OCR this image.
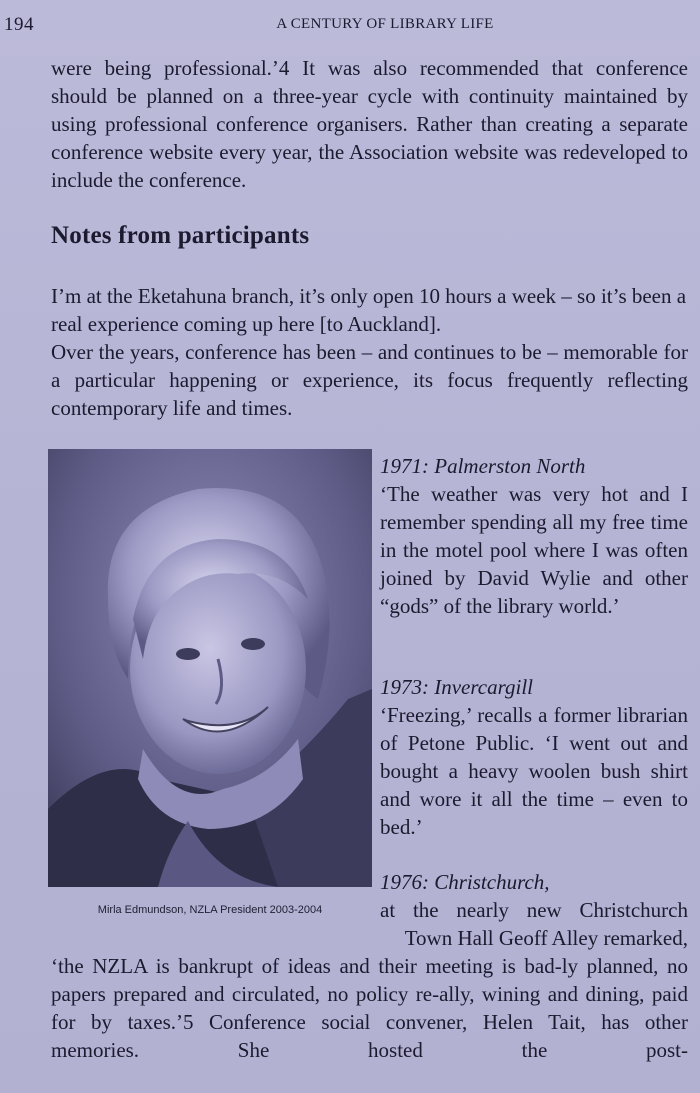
194	A CENTURY OF LIBRARY LIFE
were being professional.’4 It was also recommended that conference should be planned on a three-year cycle with continuity maintained by using professional conference organisers. Rather than creating a separate conference website every year, the Association website was redeveloped to include the conference.
Notes from participants
I’m at the Eketahuna branch, it’s only open 10 hours a week – so it’s been a real experience coming up here [to Auckland].
Over the years, conference has been – and continues to be – memorable for a particular happening or experience, its focus frequently reflecting contemporary life and times.
Mirla Edmundson, NZLA President 2003-2004
1971: Palmerston North
‘The weather was very hot and I remember spending all my free time in the motel pool where I was often joined by David Wylie and other “gods” of the library world.’
1973: Invercargill
‘Freezing,’ recalls a former librarian of Petone Public. ‘I went out and bought a heavy woolen bush shirt and wore it all the time – even to bed.’
1976: Christchurch,
at the nearly new Christchurch
Town Hall Geoff Alley remarked,
‘the NZLA is bankrupt of ideas and their meeting is bad-ly planned, no papers prepared and circulated, no policy re-ally, wining and dining, paid for by taxes.’5 Conference social convener, Helen Tait, has other memories. She hosted the post-
